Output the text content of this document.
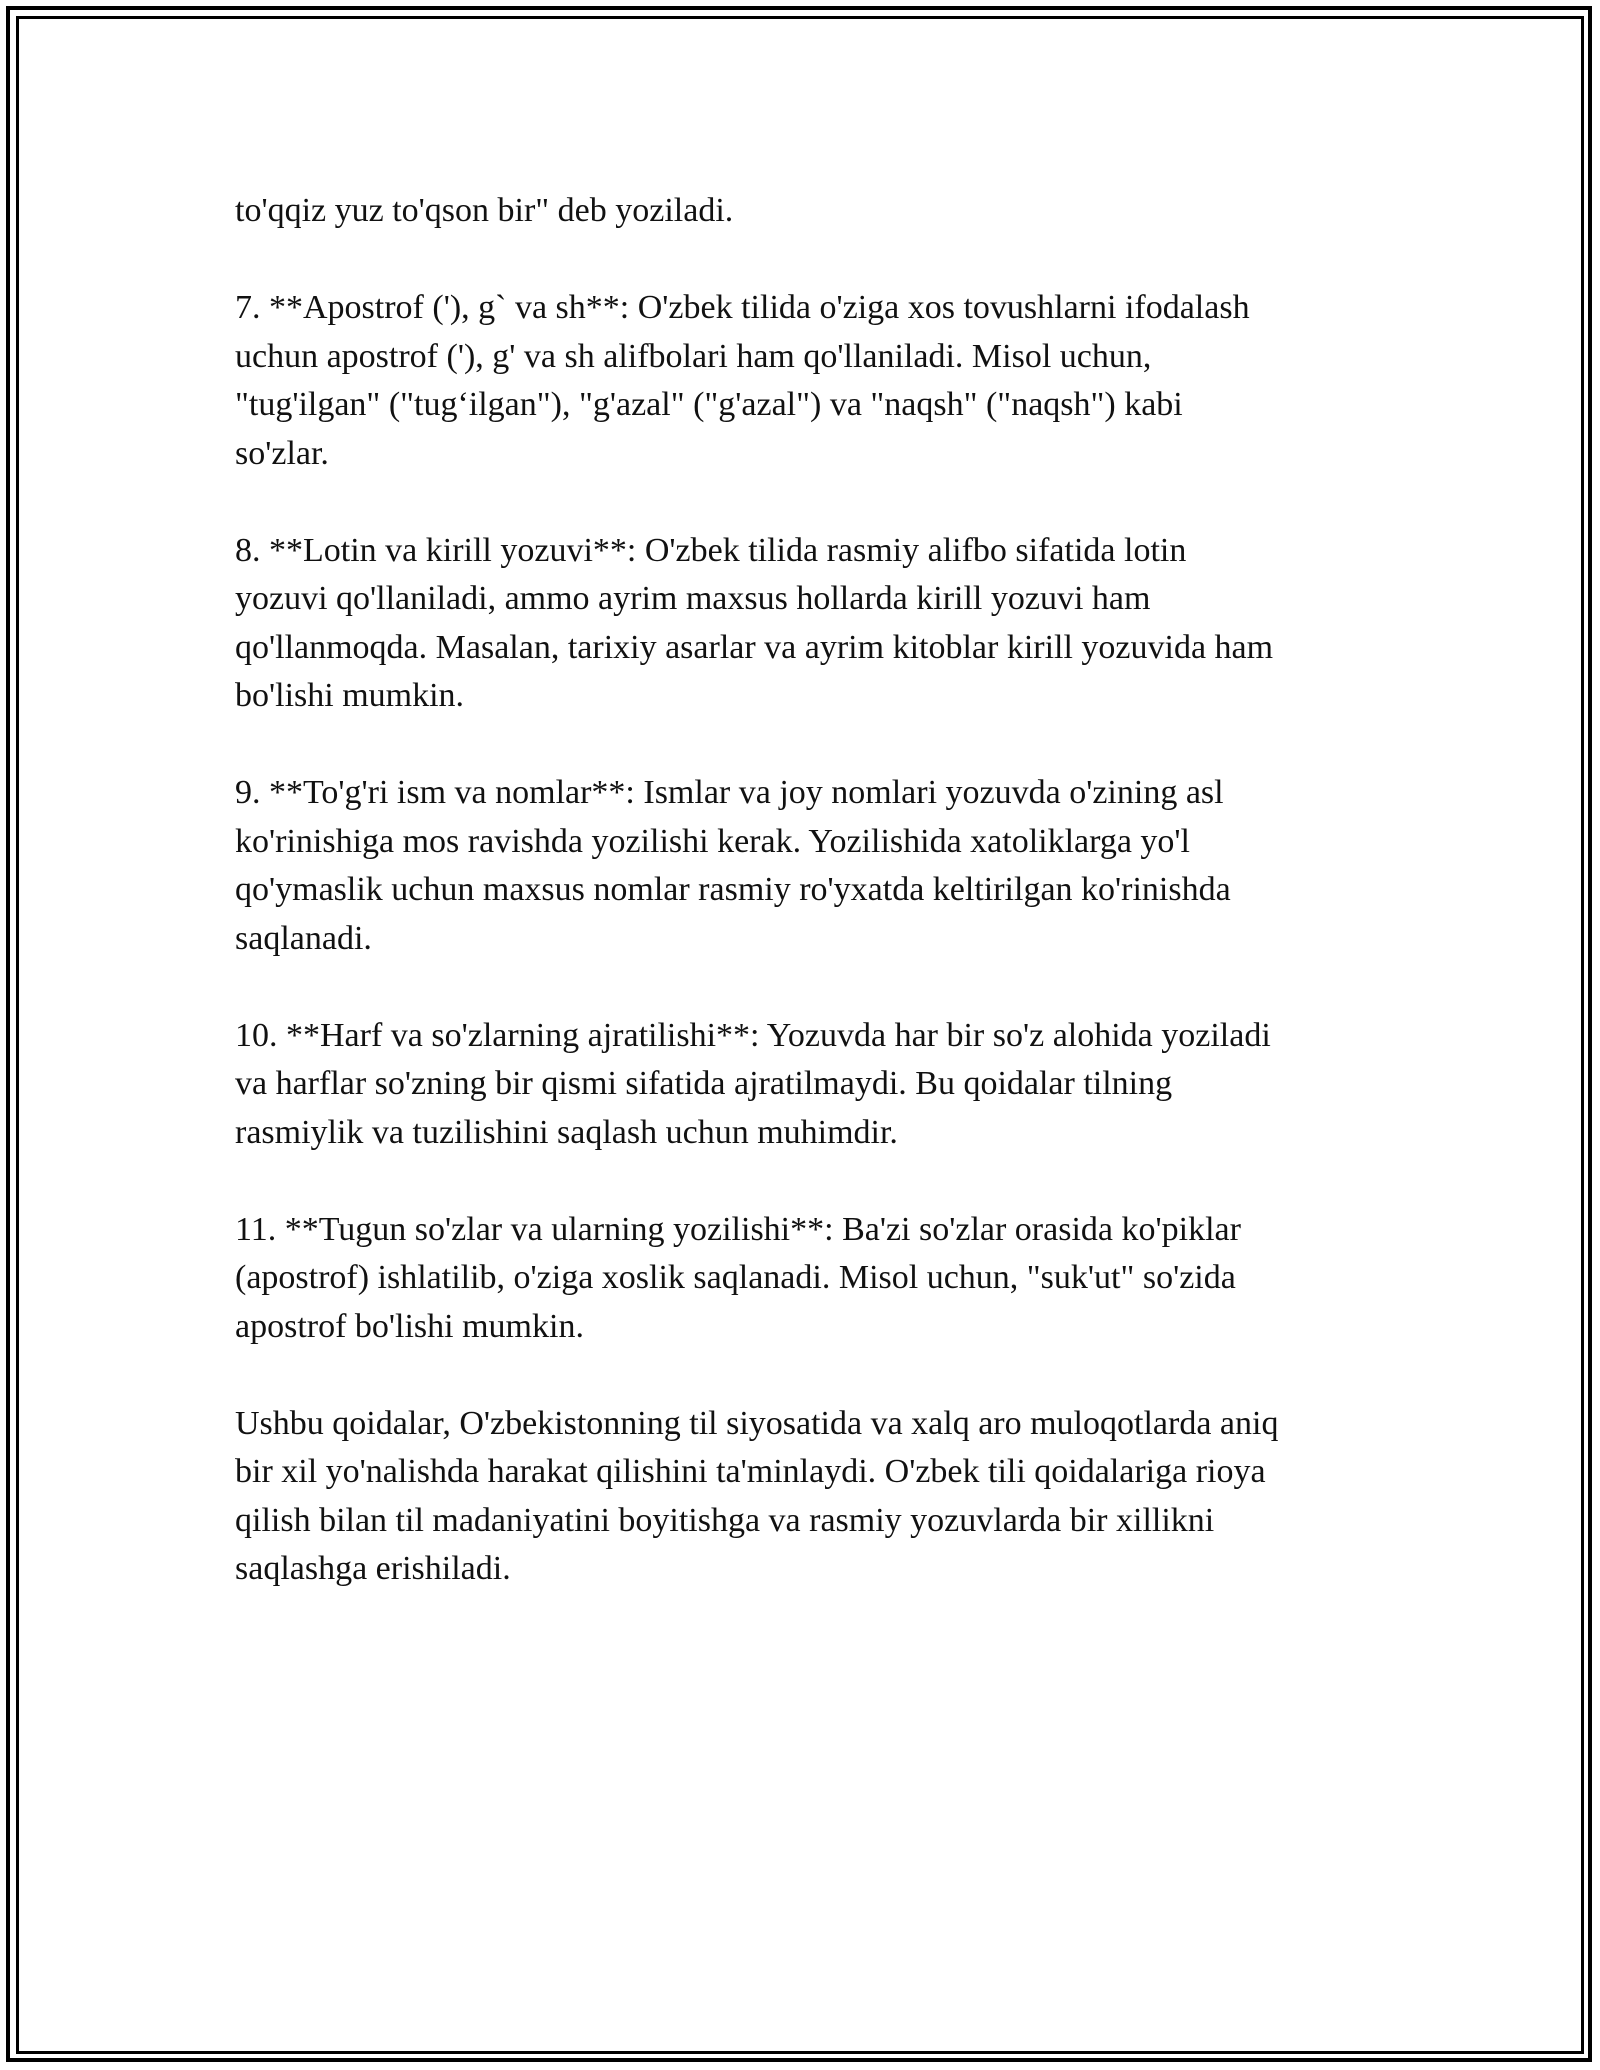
to'qqiz yuz to'qson bir" deb yoziladi.

7. **Apostrof ('), g` va sh**: O'zbek tilida o'ziga xos tovushlarni ifodalash
uchun apostrof ('), g' va sh alifbolari ham qo'llaniladi. Misol uchun,
"tug'ilgan" ("tug‘ilgan"), "g'azal" ("g'azal") va "naqsh" ("naqsh") kabi
so'zlar.

8. **Lotin va kirill yozuvi**: O'zbek tilida rasmiy alifbo sifatida lotin
yozuvi qo'llaniladi, ammo ayrim maxsus hollarda kirill yozuvi ham
qo'llanmoqda. Masalan, tarixiy asarlar va ayrim kitoblar kirill yozuvida ham
bo'lishi mumkin.

9. **To'g'ri ism va nomlar**: Ismlar va joy nomlari yozuvda o'zining asl
ko'rinishiga mos ravishda yozilishi kerak. Yozilishida xatoliklarga yo'l
qo'ymaslik uchun maxsus nomlar rasmiy ro'yxatda keltirilgan ko'rinishda
saqlanadi.

10. **Harf va so'zlarning ajratilishi**: Yozuvda har bir so'z alohida yoziladi
va harflar so'zning bir qismi sifatida ajratilmaydi. Bu qoidalar tilning
rasmiylik va tuzilishini saqlash uchun muhimdir.

11. **Tugun so'zlar va ularning yozilishi**: Ba'zi so'zlar orasida ko'piklar
(apostrof) ishlatilib, o'ziga xoslik saqlanadi. Misol uchun, "suk'ut" so'zida
apostrof bo'lishi mumkin.

Ushbu qoidalar, O'zbekistonning til siyosatida va xalq aro muloqotlarda aniq
bir xil yo'nalishda harakat qilishini ta'minlaydi. O'zbek tili qoidalariga rioya
qilish bilan til madaniyatini boyitishga va rasmiy yozuvlarda bir xillikni
saqlashga erishiladi.
